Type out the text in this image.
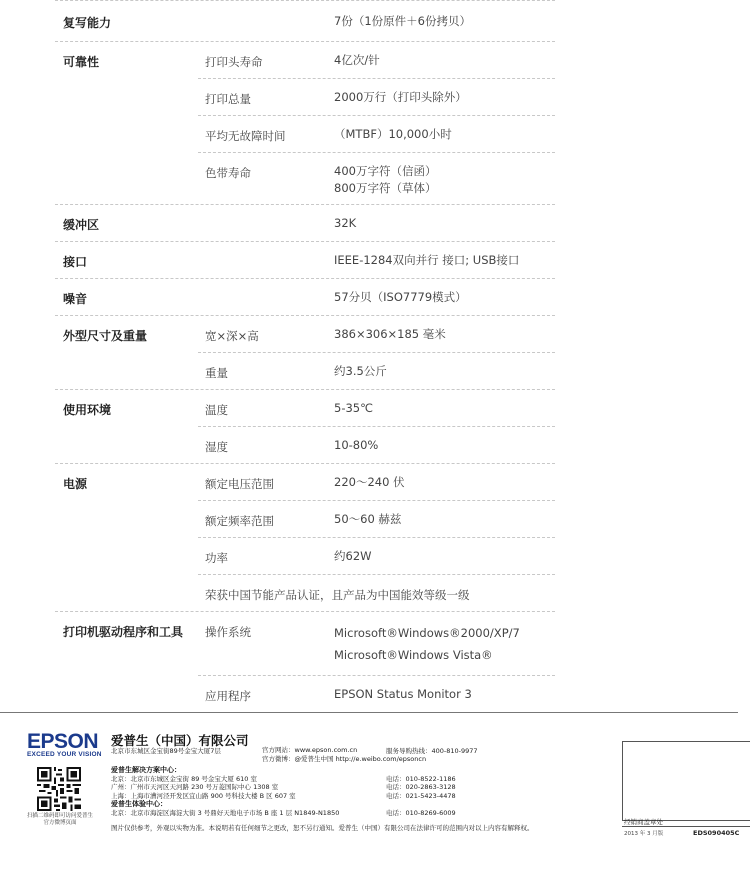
复写能力	7份（1份原件＋6份拷贝）
可靠性	打印头寿命	4亿次/针
打印总量	2000万行（打印头除外）
平均无故障时间	（MTBF）10,000小时
色带寿命	400万字符（信函）
800万字符（草体）
缓冲区	32K
接口	IEEE-1284双向并行 接口; USB接口
噪音	57分贝（ISO7779模式）
外型尺寸及重量	宽×深×高	386×306×185 毫米
重量	约3.5公斤
使用环境	温度	5-35℃
湿度	10-80%
电源	额定电压范围	220～240 伏
额定频率范围	50～60 赫兹
功率	约62W
荣获中国节能产品认证，且产品为中国能效等级一级
打印机驱动程序和工具 操作系统	Microsoft®Windows®2000/XP/7
Microsoft®Windows Vista®
应用程序	EPSON Status Monitor 3
EPSON
EXCEED YOUR VISION
扫描二维码即可访问爱普生官方微博页面
爱普生（中国）有限公司
北京市东城区金宝街89号金宝大厦7层	官方网站：www.epson.com.cn
官方微博：@爱普生中国 http://e.weibo.com/epsoncn
服务导购热线：400-810-9977
爱普生解决方案中心：
北京：北京市东城区金宝街 89 号金宝大厦 610 室
广州：广州市天河区天河路 230 号万菱国际中心 1308 室
上海：上海市漕河泾开发区宜山路 900 号科技大楼 B 区 607 室
爱普生体验中心：
北京：北京市海淀区海淀大街 3 号鼎好天地电子市场 B 座 1 层 N1849-N1850
电话：010-8522-1186
电话：020-2863-3128
电话：021-5423-4478
电话：010-8269-6009
图片仅供参考，外观以实物为准。本说明若有任何细节之更改，恕不另行通知。爱普生（中国）有限公司在法律许可的范围内对以上内容有解释权。
经销商盖章处
2013 年 3 月版	EDS090405C
